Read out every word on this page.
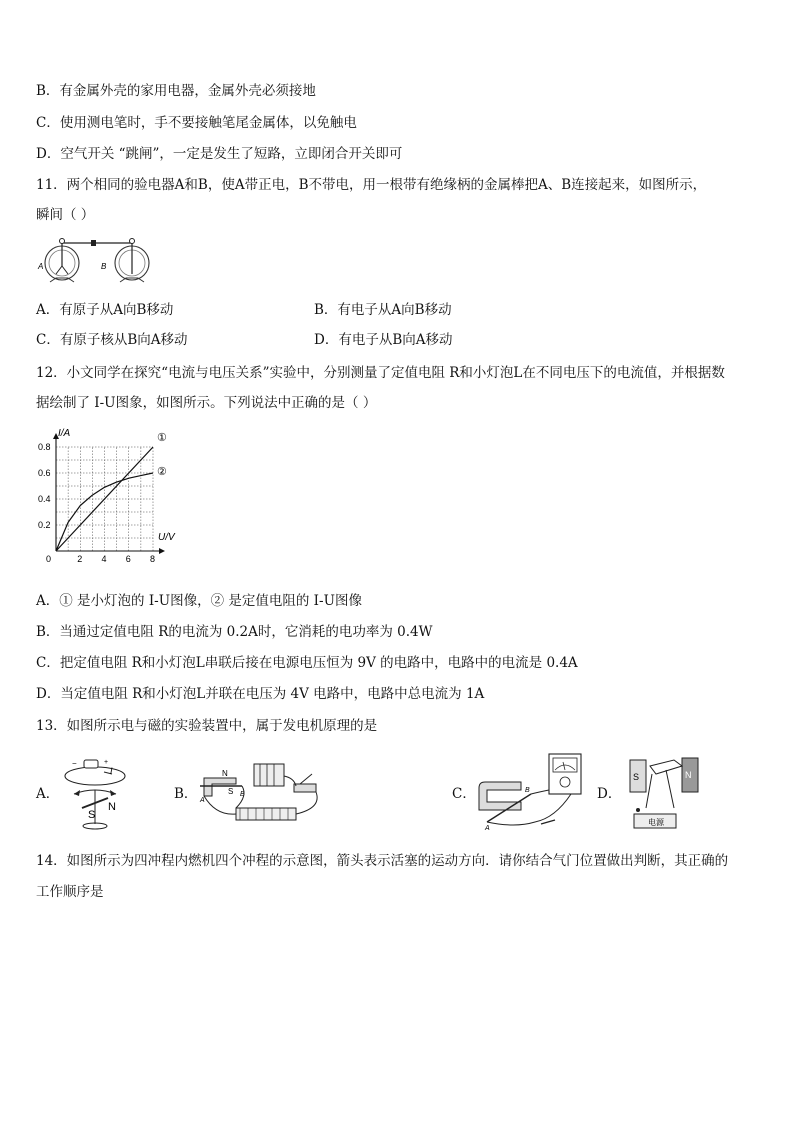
B．有金属外壳的家用电器，金属外壳必须接地
C．使用测电笔时，手不要接触笔尾金属体，以免触电
D．空气开关 “跳闸”，一定是发生了短路，立即闭合开关即可
11．两个相同的验电器A和B，使A带正电，B不带电，用一根带有绝缘柄的金属棒把A、B连接起来，如图所示，
瞬间（ ）
A	B
A．有原子从A向B移动	B．有电子从A向B移动
C．有原子核从B向A移动	D．有电子从B向A移动
12．小文同学在探究“电流与电压关系”实验中，分别测量了定值电阻 R和小灯泡L在不同电压下的电流值，并根据数
据绘制了 I-U图象，如图所示。下列说法中正确的是（ ）
①
②
0	2 4 6 8
0.2
0.4
0.6
0.8
I/A
U/V
A．① 是小灯泡的 I-U图像，② 是定值电阻的 I-U图像
B．当通过定值电阻 R的电流为 0.2A时，它消耗的电功率为 0.4W
C．把定值电阻 R和小灯泡L串联后接在电源电压恒为 9V 的电路中，电路中的电流是 0.4A
D．当定值电阻 R和小灯泡L并联在电压为 4V 电路中，电路中总电流为 1A
13．如图所示电与磁的实验装置中，属于发电机原理的是
A．
−	+
I
S
N
B．
N
S
A
B	C．
A
B	D．
S	N
电源
14．如图所示为四冲程内燃机四个冲程的示意图，箭头表示活塞的运动方向．请你结合气门位置做出判断，其正确的
工作顺序是
